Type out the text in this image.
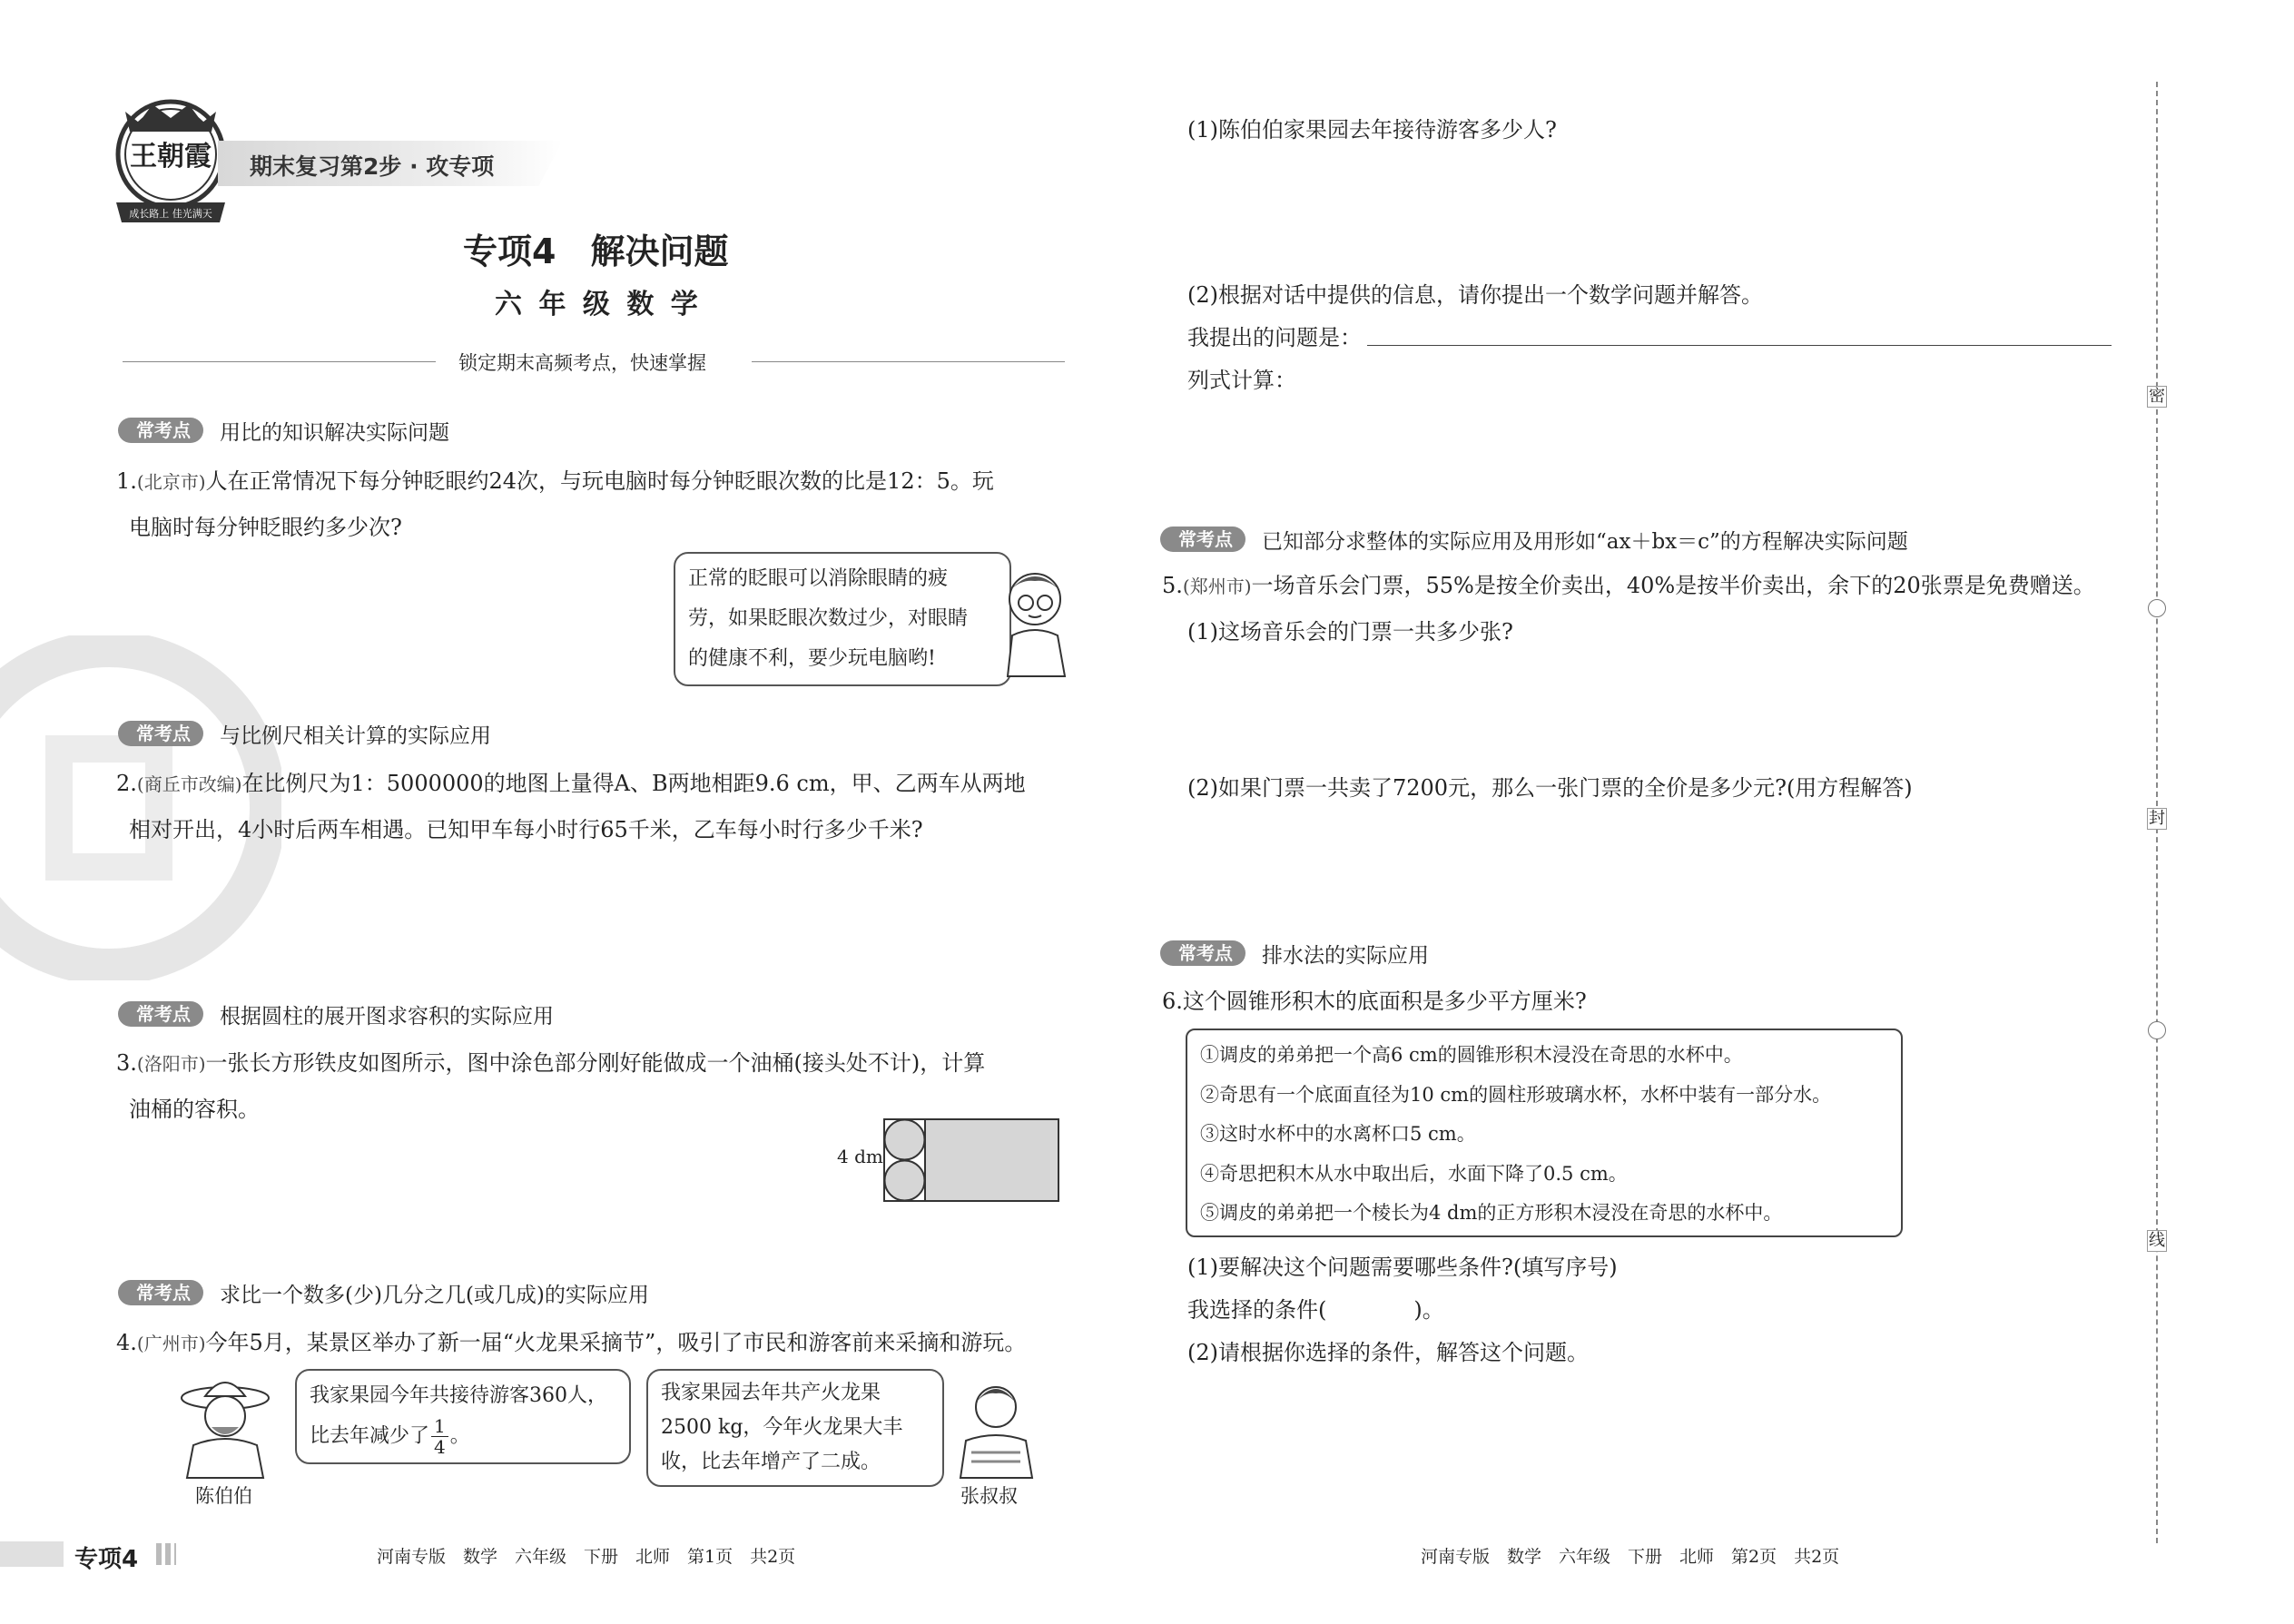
王朝霞
成长路上 佳光满天
期末复习第2步 · 攻专项
专项4　解决问题
六 年 级 数 学
锁定期末高频考点，快速掌握
常考点	用比的知识解决实际问题
1.(北京市)人在正常情况下每分钟眨眼约24次，与玩电脑时每分钟眨眼次数的比是12：5。玩
电脑时每分钟眨眼约多少次?
正常的眨眼可以消除眼睛的疲
劳，如果眨眼次数过少，对眼睛
的健康不利，要少玩电脑哟!
常考点	与比例尺相关计算的实际应用
2.(商丘市改编)在比例尺为1：5000000的地图上量得A、B两地相距9.6 cm，甲、乙两车从两地
相对开出，4小时后两车相遇。已知甲车每小时行65千米，乙车每小时行多少千米?
常考点	根据圆柱的展开图求容积的实际应用
3.(洛阳市)一张长方形铁皮如图所示，图中涂色部分刚好能做成一个油桶(接头处不计)，计算
油桶的容积。
4 dm
常考点	求比一个数多(少)几分之几(或几成)的实际应用
4.(广州市)今年5月，某景区举办了新一届“火龙果采摘节”，吸引了市民和游客前来采摘和游玩。
陈伯伯
我家果园今年共接待游客360人，
比去年减少了 $\frac{1}{4}$ 。
我家果园去年共产火龙果
2500 kg，今年火龙果大丰
收，比去年增产了二成。
张叔叔
专项4	河南专版　数学　六年级　下册　北师　第1页　共2页
(1)陈伯伯家果园去年接待游客多少人?
(2)根据对话中提供的信息，请你提出一个数学问题并解答。
我提出的问题是：
列式计算：
常考点	已知部分求整体的实际应用及用形如“ax＋bx＝c”的方程解决实际问题
5.(郑州市)一场音乐会门票，55%是按全价卖出，40%是按半价卖出，余下的20张票是免费赠送。
(1)这场音乐会的门票一共多少张?
(2)如果门票一共卖了7200元，那么一张门票的全价是多少元?(用方程解答)
常考点	排水法的实际应用
6.这个圆锥形积木的底面积是多少平方厘米?
①调皮的弟弟把一个高6 cm的圆锥形积木浸没在奇思的水杯中。
②奇思有一个底面直径为10 cm的圆柱形玻璃水杯，水杯中装有一部分水。
③这时水杯中的水离杯口5 cm。
④奇思把积木从水中取出后，水面下降了0.5 cm。
⑤调皮的弟弟把一个棱长为4 dm的正方形积木浸没在奇思的水杯中。
(1)要解决这个问题需要哪些条件?(填写序号)
我选择的条件(　　　　)。
(2)请根据你选择的条件，解答这个问题。
河南专版　数学　六年级　下册　北师　第2页　共2页
密
封
线
